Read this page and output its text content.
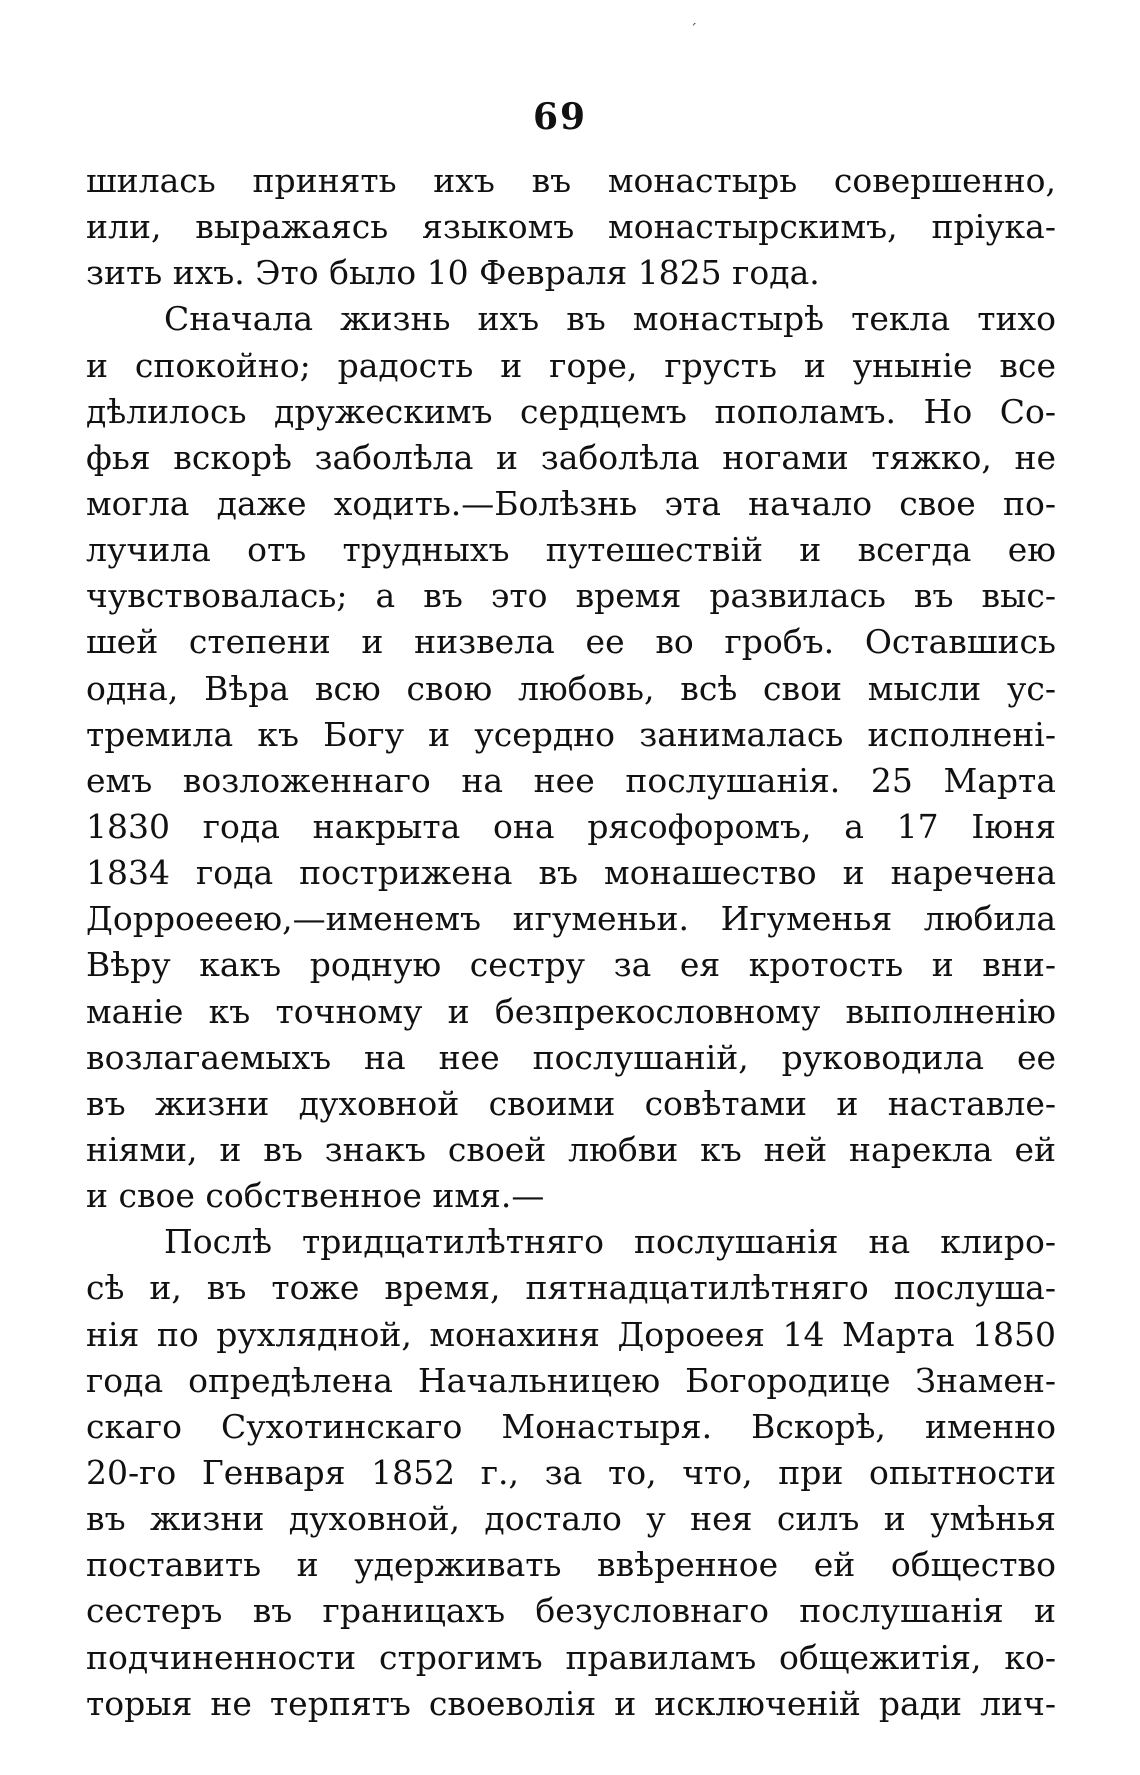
ˊ
69
шилась принять ихъ въ монастырь совершенно,
или, выражаясь языкомъ монастырскимъ, пріука-
зить ихъ. Это было 10 Февраля 1825 года.
Сначала жизнь ихъ въ монастырѣ текла тихо
и спокойно; радость и горе, грусть и уныніе все
дѣлилось дружескимъ сердцемъ пополамъ. Но Со-
фья вскорѣ заболѣла и заболѣла ногами тяжко, не
могла даже ходить.—Болѣзнь эта начало свое по-
лучила отъ трудныхъ путешествій и всегда ею
чувствовалась; а въ это время развилась въ выс-
шей степени и низвела ее во гробъ. Оставшись
одна, Вѣра всю свою любовь, всѣ свои мысли ус-
тремила къ Богу и усердно занималась исполнені-
емъ возложеннаго на нее послушанія. 25 Марта
1830 года накрыта она рясофоромъ, а 17 Іюня
1834 года пострижена въ монашество и наречена
Дорроееею,—именемъ игуменьи. Игуменья любила
Вѣру какъ родную сестру за ея кротость и вни-
маніе къ точному и безпрекословному выполненію
возлагаемыхъ на нее послушаній, руководила ее
въ жизни духовной своими совѣтами и наставле-
ніями, и въ знакъ своей любви къ ней нарекла ей
и свое собственное имя.—
Послѣ тридцатилѣтняго послушанія на клиро-
сѣ и, въ тоже время, пятнадцатилѣтняго послуша-
нія по рухлядной, монахиня Дороеея 14 Марта 1850
года опредѣлена Начальницею Богородице Знамен-
скаго Сухотинскаго Монастыря. Вскорѣ, именно
20-го Генваря 1852 г., за то, что, при опытности
въ жизни духовной, достало у нея силъ и умѣнья
поставить и удерживать ввѣренное ей общество
сестеръ въ границахъ безусловнаго послушанія и
подчиненности строгимъ правиламъ общежитія, ко-
торыя не терпятъ своеволія и исключеній ради лич-
